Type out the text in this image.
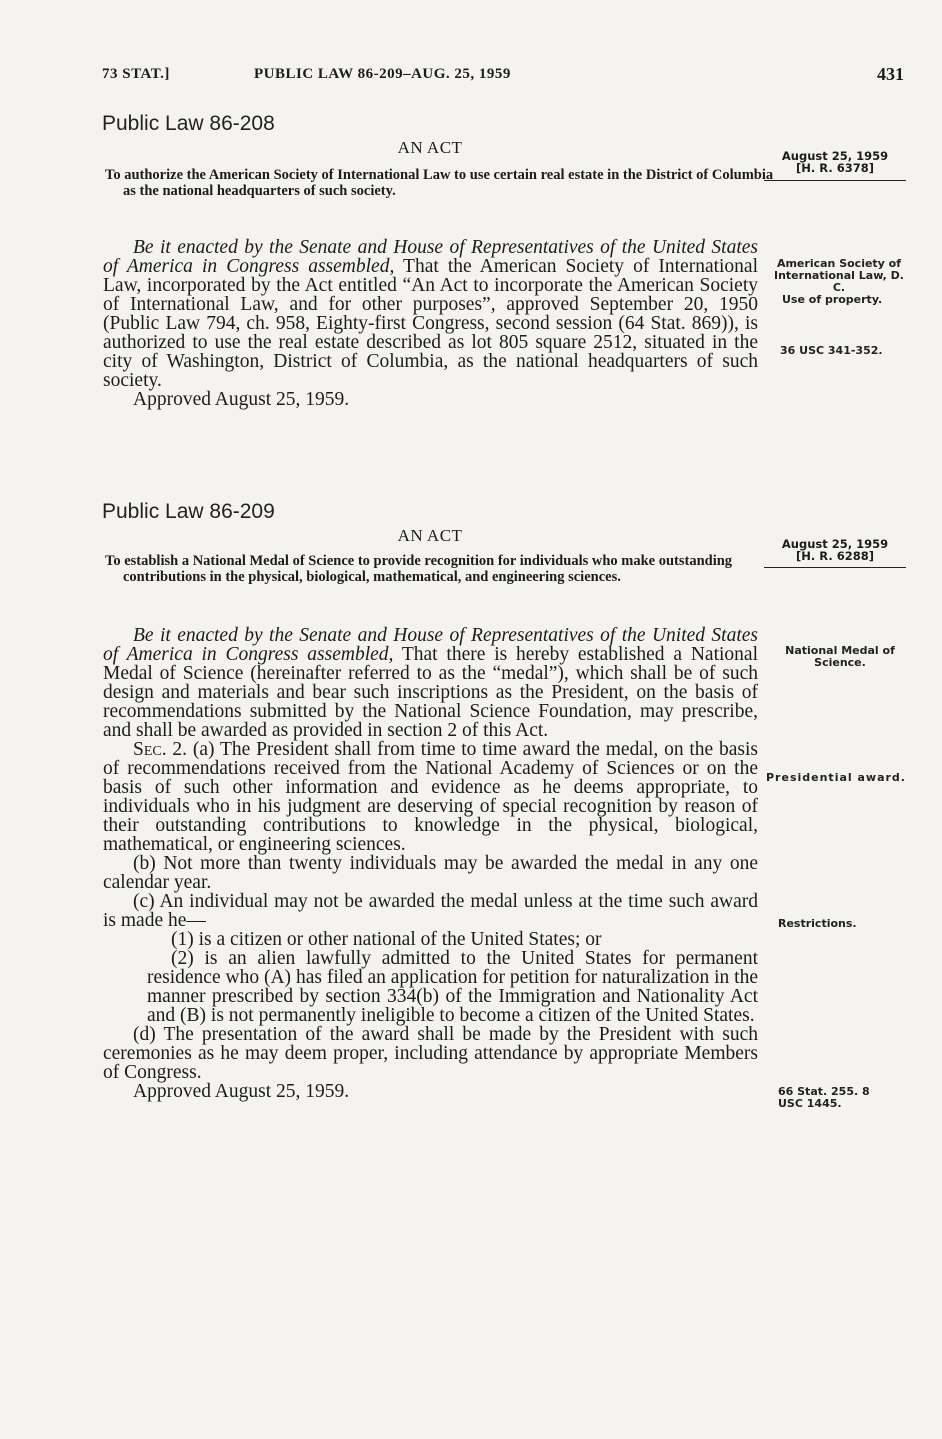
73 STAT.]	PUBLIC LAW 86-209–AUG. 25, 1959	431
Public Law 86-208
AN ACT	August 25, 1959
[H. R. 6378]
To authorize the American Society of International Law to use certain real estate in the District of Columbia as the national headquarters of such society.

Be it enacted by the Senate and House of Representatives of the United States of America in Congress assembled, That the American Society of International Law, incorporated by the Act entitled “An Act to incorporate the American Society of International Law, and for other purposes”, approved September 20, 1950 (Public Law 794, ch. 958, Eighty-first Congress, second session (64 Stat. 869)), is authorized to use the real estate described as lot 805 square 2512, situated in the city of Washington, District of Columbia, as the national headquarters of such society.

Approved August 25, 1959.

American Society of International Law, D. C.
Use of property.
36 USC 341-352.
Public Law 86-209
AN ACT	August 25, 1959
[H. R. 6288]
To establish a National Medal of Science to provide recognition for individuals who make outstanding contributions in the physical, biological, mathematical, and engineering sciences.

Be it enacted by the Senate and House of Representatives of the United States of America in Congress assembled, That there is hereby established a National Medal of Science (hereinafter referred to as the “medal”), which shall be of such design and materials and bear such inscriptions as the President, on the basis of recommendations submitted by the National Science Foundation, may prescribe, and shall be awarded as provided in section 2 of this Act.

Sec. 2. (a) The President shall from time to time award the medal, on the basis of recommendations received from the National Academy of Sciences or on the basis of such other information and evidence as he deems appropriate, to individuals who in his judgment are deserving of special recognition by reason of their outstanding contributions to knowledge in the physical, biological, mathematical, or engineering sciences.

(b) Not more than twenty individuals may be awarded the medal in any one calendar year.

(c) An individual may not be awarded the medal unless at the time such award is made he—

(1) is a citizen or other national of the United States; or

(2) is an alien lawfully admitted to the United States for permanent residence who (A) has filed an application for petition for naturalization in the manner prescribed by section 334(b) of the Immigration and Nationality Act and (B) is not permanently ineligible to become a citizen of the United States.

(d) The presentation of the award shall be made by the President with such ceremonies as he may deem proper, including attendance by appropriate Members of Congress.

Approved August 25, 1959.

National Medal of Science.
Presidential award.
Restrictions.
66 Stat. 255. 8 USC 1445.
